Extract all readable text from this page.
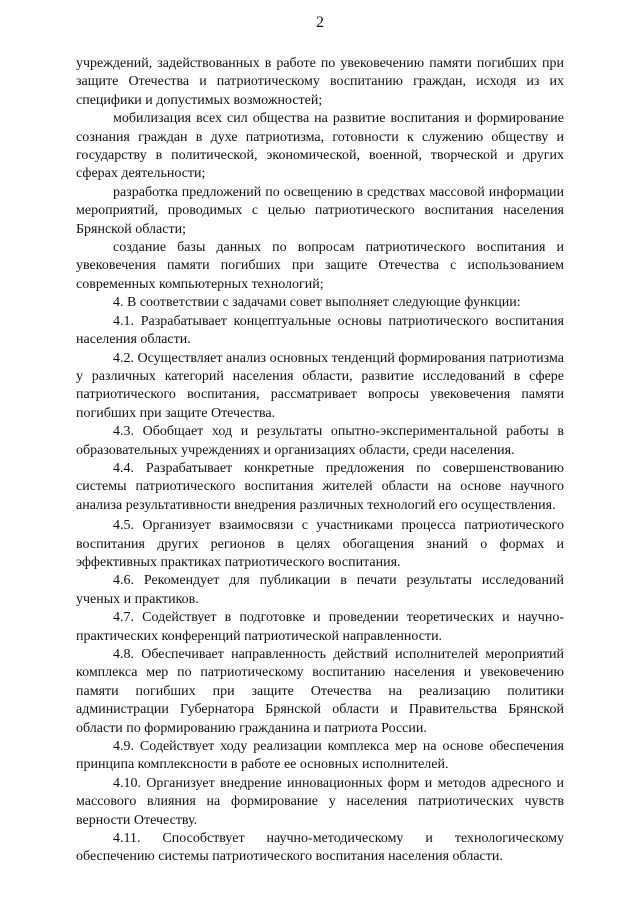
2

учреждений, задействованных в работе по увековечению памяти погибших при защите Отечества и патриотическому воспитанию граждан, исходя из их специфики и допустимых возможностей;

мобилизация всех сил общества на развитие воспитания и формирование сознания граждан в духе патриотизма, готовности к служению обществу и государству в политической, экономической, военной, творческой и других сферах деятельности;

разработка предложений по освещению в средствах массовой информации мероприятий, проводимых с целью патриотического воспитания населения Брянской области;

создание базы данных по вопросам патриотического воспитания и увековечения памяти погибших при защите Отечества с использованием современных компьютерных технологий;

4. В соответствии с задачами совет выполняет следующие функции:

4.1. Разрабатывает концептуальные основы патриотического воспитания населения области.

4.2. Осуществляет анализ основных тенденций формирования патриотизма у различных категорий населения области, развитие исследований в сфере патриотического воспитания, рассматривает вопросы увековечения памяти погибших при защите Отечества.

4.3. Обобщает ход и результаты опытно-экспериментальной работы в образовательных учреждениях и организациях области, среди населения.

4.4. Разрабатывает конкретные предложения по совершенствованию системы патриотического воспитания жителей области на основе научного анализа результативности внедрения различных технологий его осуществления.

4.5. Организует взаимосвязи с участниками процесса патриотического воспитания других регионов в целях обогащения знаний о формах и эффективных практиках патриотического воспитания.

4.6. Рекомендует для публикации в печати результаты исследований ученых и практиков.

4.7. Содействует в подготовке и проведении теоретических и научно-практических конференций патриотической направленности.

4.8. Обеспечивает направленность действий исполнителей мероприятий комплекса мер по патриотическому воспитанию населения и увековечению памяти погибших при защите Отечества на реализацию политики администрации Губернатора Брянской области и Правительства Брянской области по формированию гражданина и патриота России.

4.9. Содействует ходу реализации комплекса мер на основе обеспечения принципа комплексности в работе ее основных исполнителей.

4.10. Организует внедрение инновационных форм и методов адресного и массового влияния на формирование у населения патриотических чувств верности Отечеству.

4.11. Способствует научно-методическому и технологическому обеспечению системы патриотического воспитания населения области.
